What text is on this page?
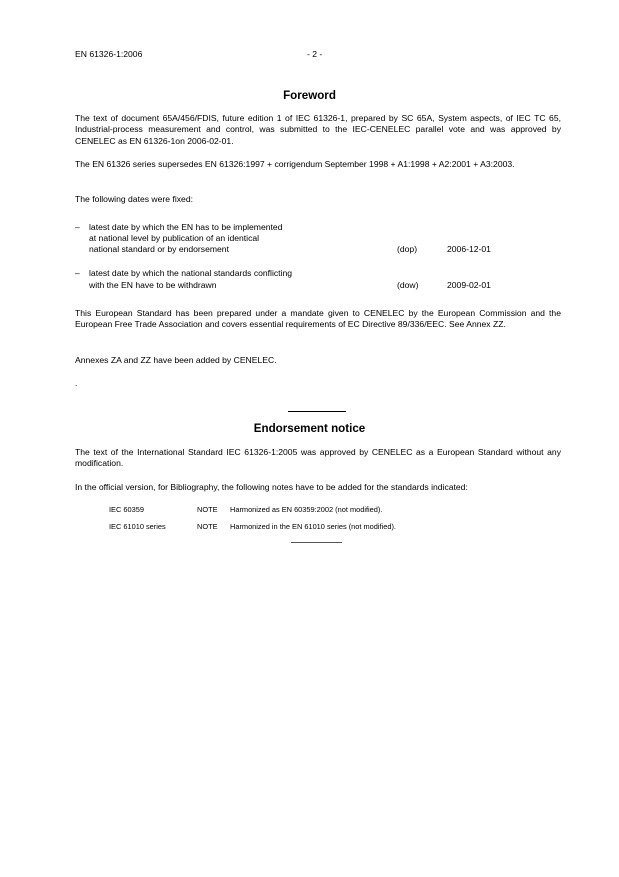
EN 61326-1:2006	- 2 -
Foreword
The text of document 65A/456/FDIS, future edition 1 of IEC 61326-1, prepared by SC 65A, System aspects, of IEC TC 65, Industrial-process measurement and control, was submitted to the IEC-CENELEC parallel vote and was approved by CENELEC as EN 61326-1on 2006-02-01.
The EN 61326 series supersedes EN 61326:1997 + corrigendum September 1998 + A1:1998 + A2:2001 + A3:2003.
The following dates were fixed:
– latest date by which the EN has to be implemented
at national level by publication of an identical
national standard or by endorsement	(dop)	2006-12-01
– latest date by which the national standards conflicting
with the EN have to be withdrawn	(dow)	2009-02-01
This European Standard has been prepared under a mandate given to CENELEC by the European Commission and the European Free Trade Association and covers essential requirements of EC Directive 89/336/EEC. See Annex ZZ.
Annexes ZA and ZZ have been added by CENELEC.
.
Endorsement notice
The text of the International Standard IEC 61326-1:2005 was approved by CENELEC as a European Standard without any modification.
In the official version, for Bibliography, the following notes have to be added for the standards indicated:
IEC 60359	NOTE Harmonized as EN 60359:2002 (not modified).
IEC 61010 series	NOTE Harmonized in the EN 61010 series (not modified).
